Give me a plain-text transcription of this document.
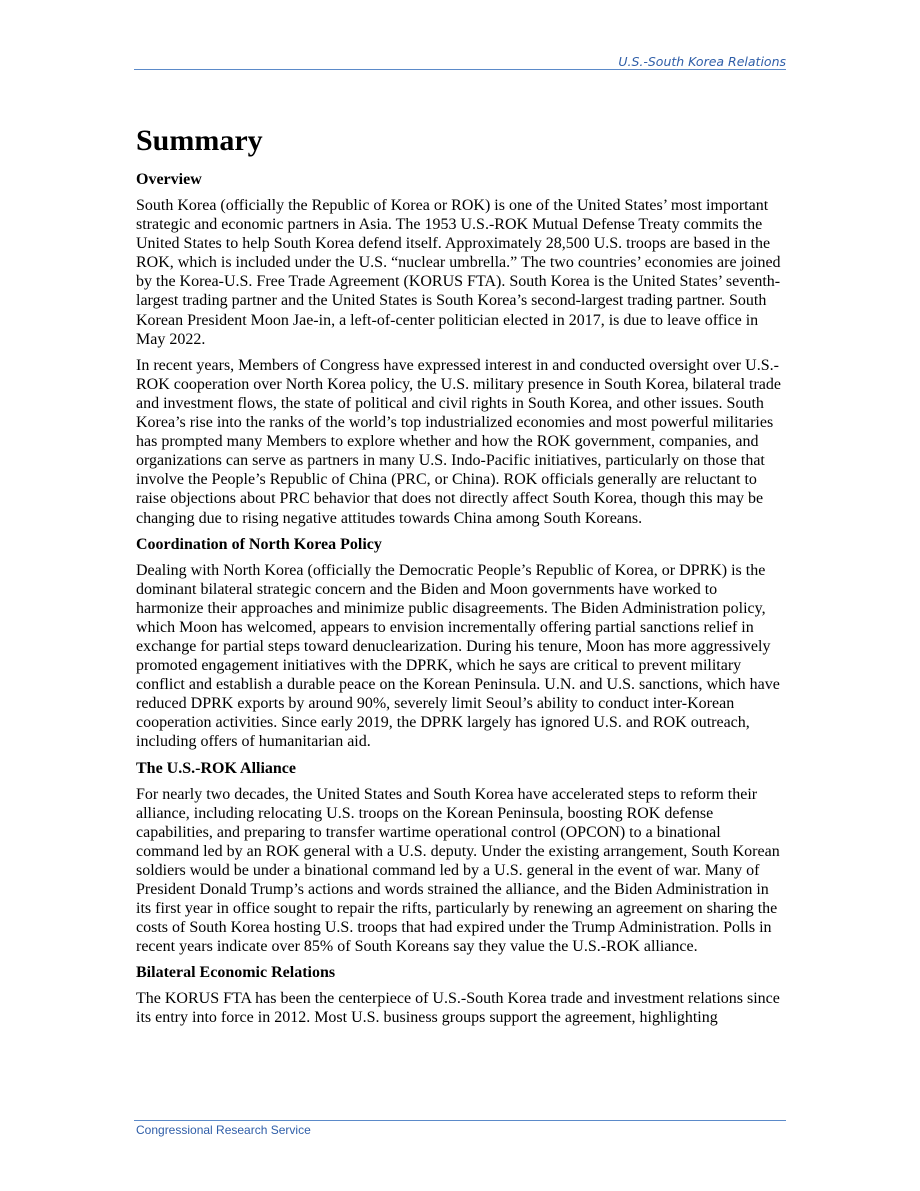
U.S.-South Korea Relations
Summary
Overview

South Korea (officially the Republic of Korea or ROK) is one of the United States’ most important strategic and economic partners in Asia. The 1953 U.S.-ROK Mutual Defense Treaty commits the United States to help South Korea defend itself. Approximately 28,500 U.S. troops are based in the ROK, which is included under the U.S. “nuclear umbrella.” The two countries’ economies are joined by the Korea-U.S. Free Trade Agreement (KORUS FTA). South Korea is the United States’ seventh-largest trading partner and the United States is South Korea’s second-largest trading partner. South Korean President Moon Jae-in, a left-of-center politician elected in 2017, is due to leave office in May 2022.

In recent years, Members of Congress have expressed interest in and conducted oversight over U.S.-ROK cooperation over North Korea policy, the U.S. military presence in South Korea, bilateral trade and investment flows, the state of political and civil rights in South Korea, and other issues. South Korea’s rise into the ranks of the world’s top industrialized economies and most powerful militaries has prompted many Members to explore whether and how the ROK government, companies, and organizations can serve as partners in many U.S. Indo-Pacific initiatives, particularly on those that involve the People’s Republic of China (PRC, or China). ROK officials generally are reluctant to raise objections about PRC behavior that does not directly affect South Korea, though this may be changing due to rising negative attitudes towards China among South Koreans.

Coordination of North Korea Policy

Dealing with North Korea (officially the Democratic People’s Republic of Korea, or DPRK) is the dominant bilateral strategic concern and the Biden and Moon governments have worked to harmonize their approaches and minimize public disagreements. The Biden Administration policy, which Moon has welcomed, appears to envision incrementally offering partial sanctions relief in exchange for partial steps toward denuclearization. During his tenure, Moon has more aggressively promoted engagement initiatives with the DPRK, which he says are critical to prevent military conflict and establish a durable peace on the Korean Peninsula. U.N. and U.S. sanctions, which have reduced DPRK exports by around 90%, severely limit Seoul’s ability to conduct inter-Korean cooperation activities. Since early 2019, the DPRK largely has ignored U.S. and ROK outreach, including offers of humanitarian aid.

The U.S.-ROK Alliance

For nearly two decades, the United States and South Korea have accelerated steps to reform their alliance, including relocating U.S. troops on the Korean Peninsula, boosting ROK defense capabilities, and preparing to transfer wartime operational control (OPCON) to a binational command led by an ROK general with a U.S. deputy. Under the existing arrangement, South Korean soldiers would be under a binational command led by a U.S. general in the event of war. Many of President Donald Trump’s actions and words strained the alliance, and the Biden Administration in its first year in office sought to repair the rifts, particularly by renewing an agreement on sharing the costs of South Korea hosting U.S. troops that had expired under the Trump Administration. Polls in recent years indicate over 85% of South Koreans say they value the U.S.-ROK alliance.

Bilateral Economic Relations

The KORUS FTA has been the centerpiece of U.S.-South Korea trade and investment relations since its entry into force in 2012. Most U.S. business groups support the agreement, highlighting

Congressional Research Service
